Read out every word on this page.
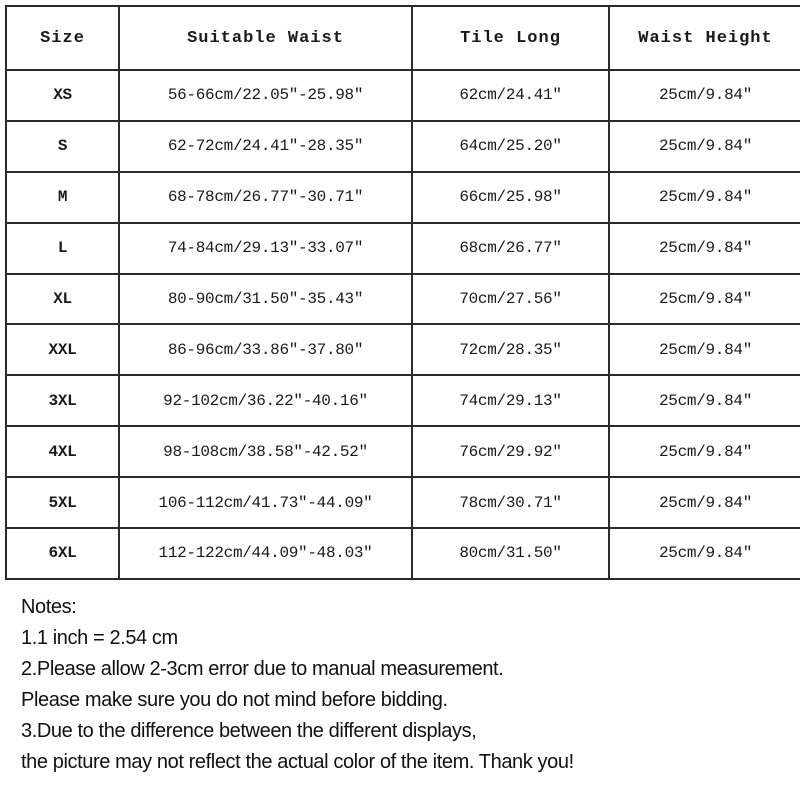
Size	Suitable Waist	Tile Long	Waist Height
XS	56-66cm/22.05″-25.98″	62cm/24.41″	25cm/9.84″
S	62-72cm/24.41″-28.35″	64cm/25.20″	25cm/9.84″
M	68-78cm/26.77″-30.71″	66cm/25.98″	25cm/9.84″
L	74-84cm/29.13″-33.07″	68cm/26.77″	25cm/9.84″
XL	80-90cm/31.50″-35.43″	70cm/27.56″	25cm/9.84″
XXL	86-96cm/33.86″-37.80″	72cm/28.35″	25cm/9.84″
3XL	92-102cm/36.22″-40.16″	74cm/29.13″	25cm/9.84″
4XL	98-108cm/38.58″-42.52″	76cm/29.92″	25cm/9.84″
5XL	106-112cm/41.73″-44.09″	78cm/30.71″	25cm/9.84″
6XL	112-122cm/44.09″-48.03″	80cm/31.50″	25cm/9.84″
Notes:
1.1 inch = 2.54 cm
2.Please allow 2-3cm error due to manual measurement.
Please make sure you do not mind before bidding.
3.Due to the difference between the different displays,
the picture may not reflect the actual color of the item. Thank you!
